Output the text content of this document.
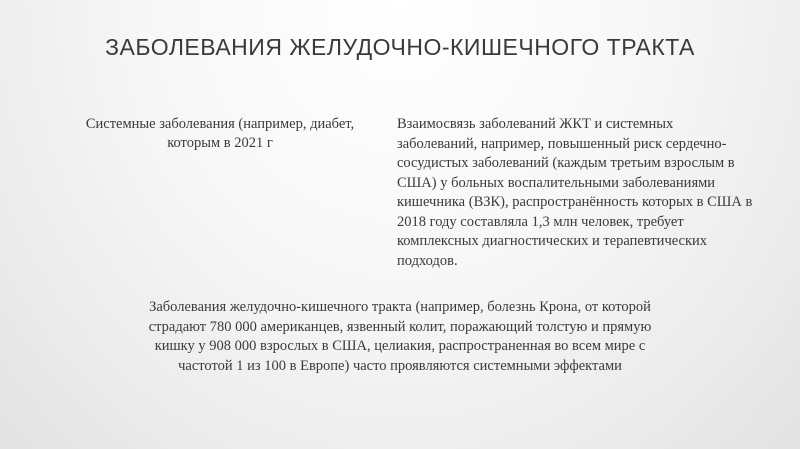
ЗАБОЛЕВАНИЯ ЖЕЛУДОЧНО-КИШЕЧНОГО ТРАКТА
Системные заболевания (например, диабет, которым в 2021 г
Взаимосвязь заболеваний ЖКТ и системных заболеваний, например, повышенный риск сердечно-сосудистых заболеваний (каждым третьим взрослым в США) у больных воспалительными заболеваниями кишечника (ВЗК), распространённость которых в США в 2018 году составляла 1,3 млн человек, требует комплексных диагностических и терапевтических подходов.
Заболевания желудочно-кишечного тракта (например, болезнь Крона, от которой страдают 780 000 американцев, язвенный колит, поражающий толстую и прямую кишку у 908 000 взрослых в США, целиакия, распространенная во всем мире с частотой 1 из 100 в Европе) часто проявляются системными эффектами
